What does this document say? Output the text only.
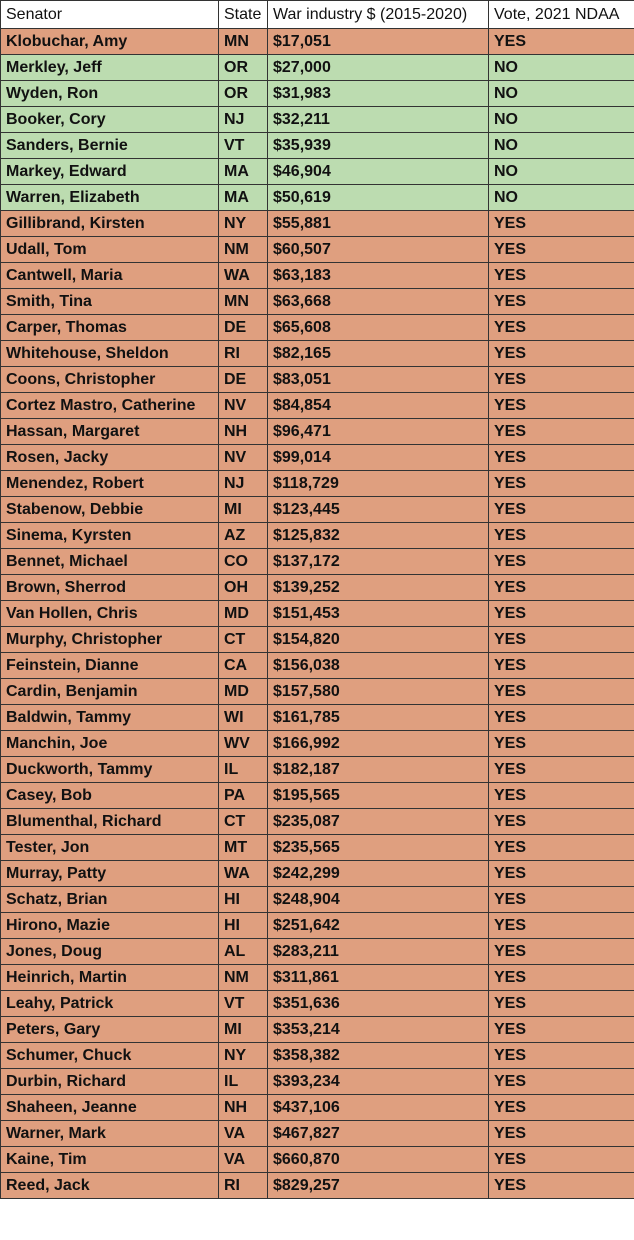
Senator	State	War industry $ (2015-2020)	Vote, 2021 NDAA
Klobuchar, Amy	MN	$17,051	YES
Merkley, Jeff	OR	$27,000	NO
Wyden, Ron	OR	$31,983	NO
Booker, Cory	NJ	$32,211	NO
Sanders, Bernie	VT	$35,939	NO
Markey, Edward	MA	$46,904	NO
Warren, Elizabeth	MA	$50,619	NO
Gillibrand, Kirsten	NY	$55,881	YES
Udall, Tom	NM	$60,507	YES
Cantwell, Maria	WA	$63,183	YES
Smith, Tina	MN	$63,668	YES
Carper, Thomas	DE	$65,608	YES
Whitehouse, Sheldon	RI	$82,165	YES
Coons, Christopher	DE	$83,051	YES
Cortez Mastro, Catherine	NV	$84,854	YES
Hassan, Margaret	NH	$96,471	YES
Rosen, Jacky	NV	$99,014	YES
Menendez, Robert	NJ	$118,729	YES
Stabenow, Debbie	MI	$123,445	YES
Sinema, Kyrsten	AZ	$125,832	YES
Bennet, Michael	CO	$137,172	YES
Brown, Sherrod	OH	$139,252	YES
Van Hollen, Chris	MD	$151,453	YES
Murphy, Christopher	CT	$154,820	YES
Feinstein, Dianne	CA	$156,038	YES
Cardin, Benjamin	MD	$157,580	YES
Baldwin, Tammy	WI	$161,785	YES
Manchin, Joe	WV	$166,992	YES
Duckworth, Tammy	IL	$182,187	YES
Casey, Bob	PA	$195,565	YES
Blumenthal, Richard	CT	$235,087	YES
Tester, Jon	MT	$235,565	YES
Murray, Patty	WA	$242,299	YES
Schatz, Brian	HI	$248,904	YES
Hirono, Mazie	HI	$251,642	YES
Jones, Doug	AL	$283,211	YES
Heinrich, Martin	NM	$311,861	YES
Leahy, Patrick	VT	$351,636	YES
Peters, Gary	MI	$353,214	YES
Schumer, Chuck	NY	$358,382	YES
Durbin, Richard	IL	$393,234	YES
Shaheen, Jeanne	NH	$437,106	YES
Warner, Mark	VA	$467,827	YES
Kaine, Tim	VA	$660,870	YES
Reed, Jack	RI	$829,257	YES
